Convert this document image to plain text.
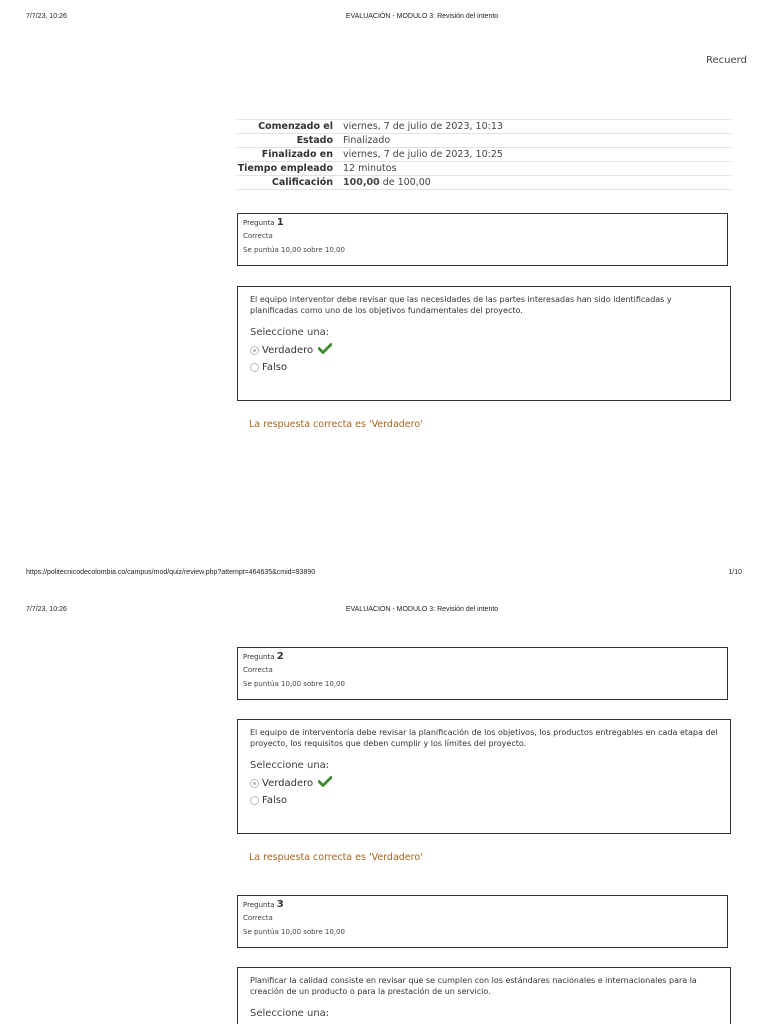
7/7/23, 10:26	EVALUACIÓN - MODULO 3: Revisión del intento
Recuerd
Comenzado el	viernes, 7 de julio de 2023, 10:13
Estado	Finalizado
Finalizado en	viernes, 7 de julio de 2023, 10:25
Tiempo empleado	12 minutos
Calificación	100,00 de 100,00
Pregunta 1
Correcta
Se puntúa 10,00 sobre 10,00
El equipo interventor debe revisar que las necesidades de las partes interesadas han sido identificadas y planificadas como uno de los objetivos fundamentales del proyecto.
Seleccione una:
Verdadero
Falso
La respuesta correcta es 'Verdadero'
https://politecnicodecolombia.co/campus/mod/quiz/review.php?attempt=464635&cmid=93890	1/10
7/7/23, 10:26	EVALUACIÓN - MODULO 3: Revisión del intento
Pregunta 2
Correcta
Se puntúa 10,00 sobre 10,00
El equipo de interventoría debe revisar la planificación de los objetivos, los productos entregables en cada etapa del proyecto, los requisitos que deben cumplir y los límites del proyecto.
Seleccione una:
Verdadero
Falso
La respuesta correcta es 'Verdadero'
Pregunta 3
Correcta
Se puntúa 10,00 sobre 10,00
Planificar la calidad consiste en revisar que se cumplen con los estándares nacionales e internacionales para la creación de un producto o para la prestación de un servicio.
Seleccione una:
